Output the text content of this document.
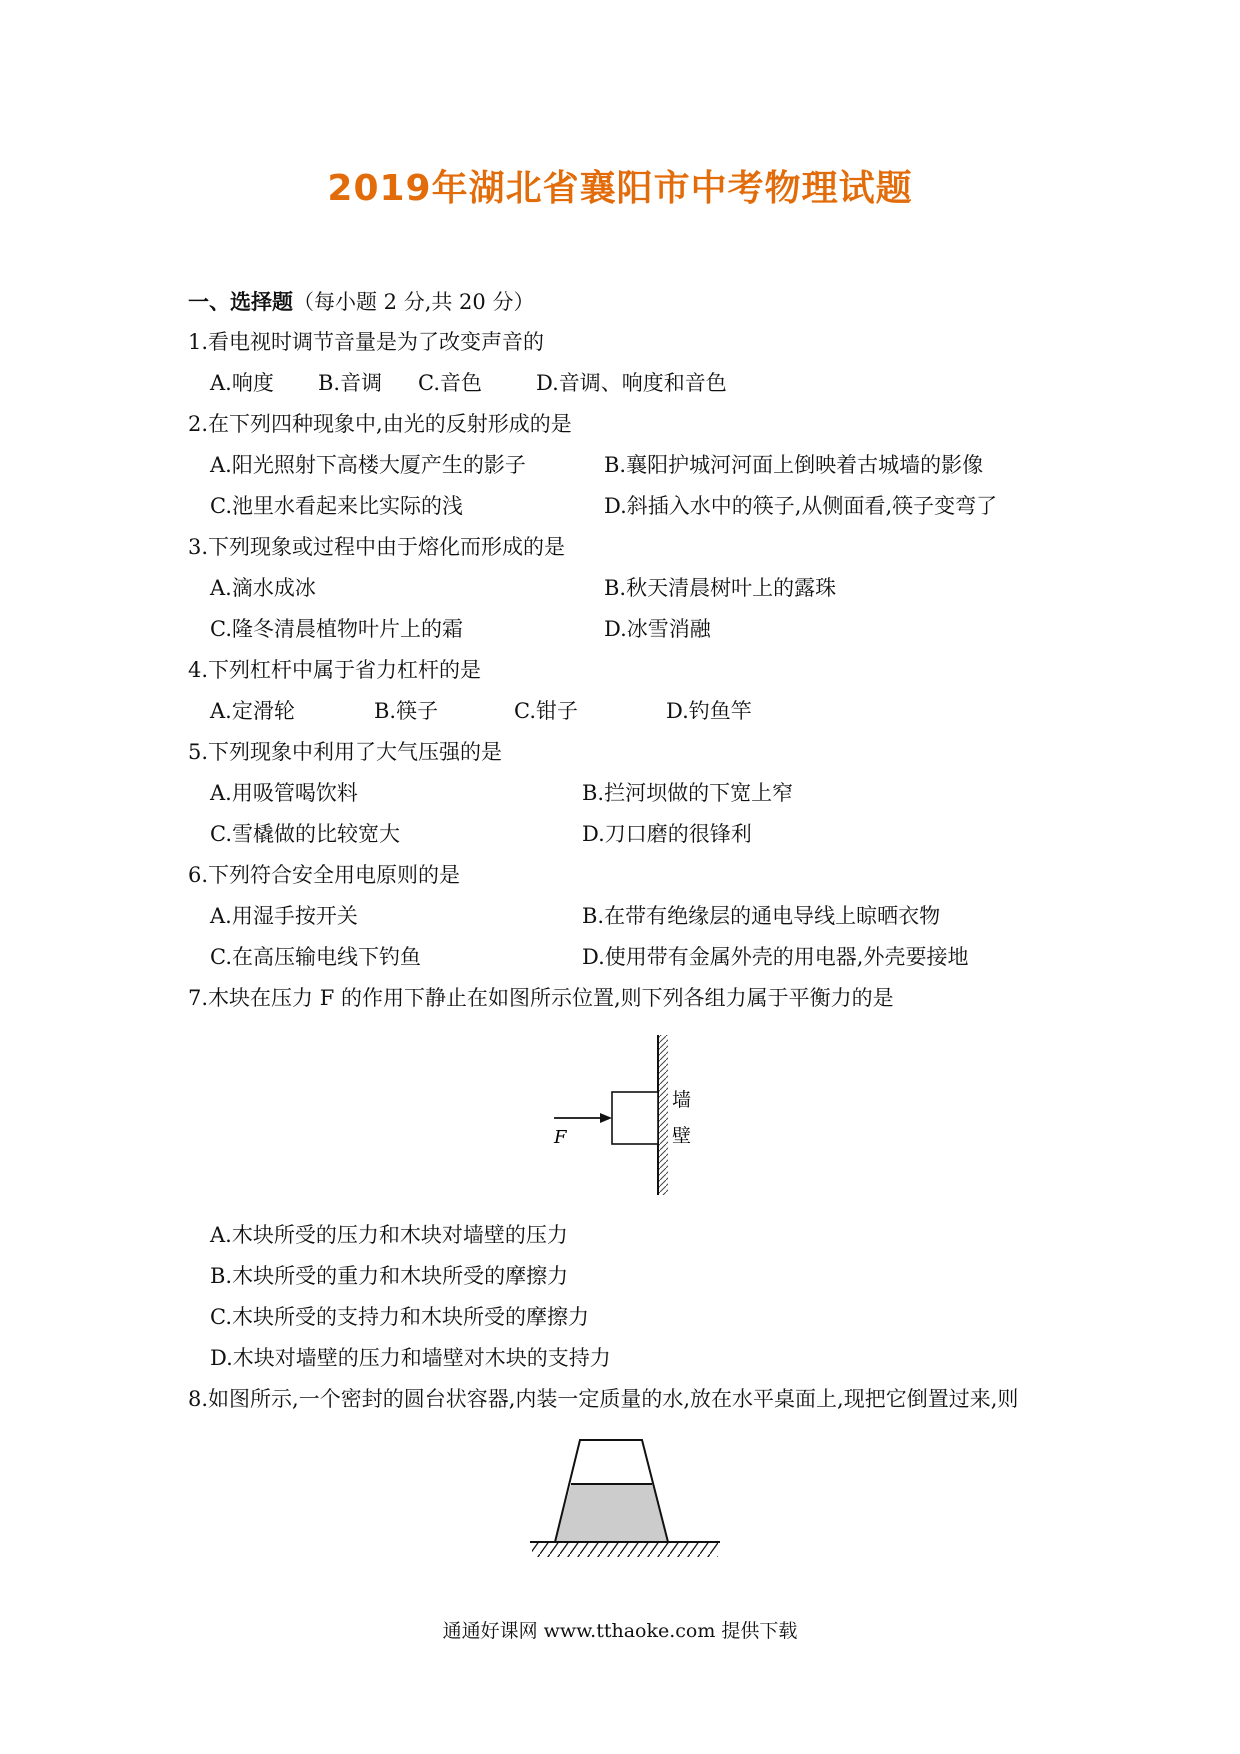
2019年湖北省襄阳市中考物理试题
一、选择题（每小题 2 分,共 20 分）
1.看电视时调节音量是为了改变声音的
A.响度 B.音调 C.音色	D.音调、响度和音色
2.在下列四种现象中,由光的反射形成的是
A.阳光照射下高楼大厦产生的影子	B.襄阳护城河河面上倒映着古城墙的影像
C.池里水看起来比实际的浅	D.斜插入水中的筷子,从侧面看,筷子变弯了
3.下列现象或过程中由于熔化而形成的是
A.滴水成冰	B.秋天清晨树叶上的露珠
C.隆冬清晨植物叶片上的霜	D.冰雪消融
4.下列杠杆中属于省力杠杆的是
A.定滑轮	B.筷子	C.钳子	D.钓鱼竿
5.下列现象中利用了大气压强的是
A.用吸管喝饮料	B.拦河坝做的下宽上窄
C.雪橇做的比较宽大	D.刀口磨的很锋利
6.下列符合安全用电原则的是
A.用湿手按开关	B.在带有绝缘层的通电导线上晾晒衣物
C.在高压输电线下钓鱼	D.使用带有金属外壳的用电器,外壳要接地
7.木块在压力 F 的作用下静止在如图所示位置,则下列各组力属于平衡力的是
F
墙
壁
A.木块所受的压力和木块对墙壁的压力
B.木块所受的重力和木块所受的摩擦力
C.木块所受的支持力和木块所受的摩擦力
D.木块对墙壁的压力和墙壁对木块的支持力
8.如图所示,一个密封的圆台状容器,内装一定质量的水,放在水平桌面上,现把它倒置过来,则
通通好课网 www.tthaoke.com 提供下载
